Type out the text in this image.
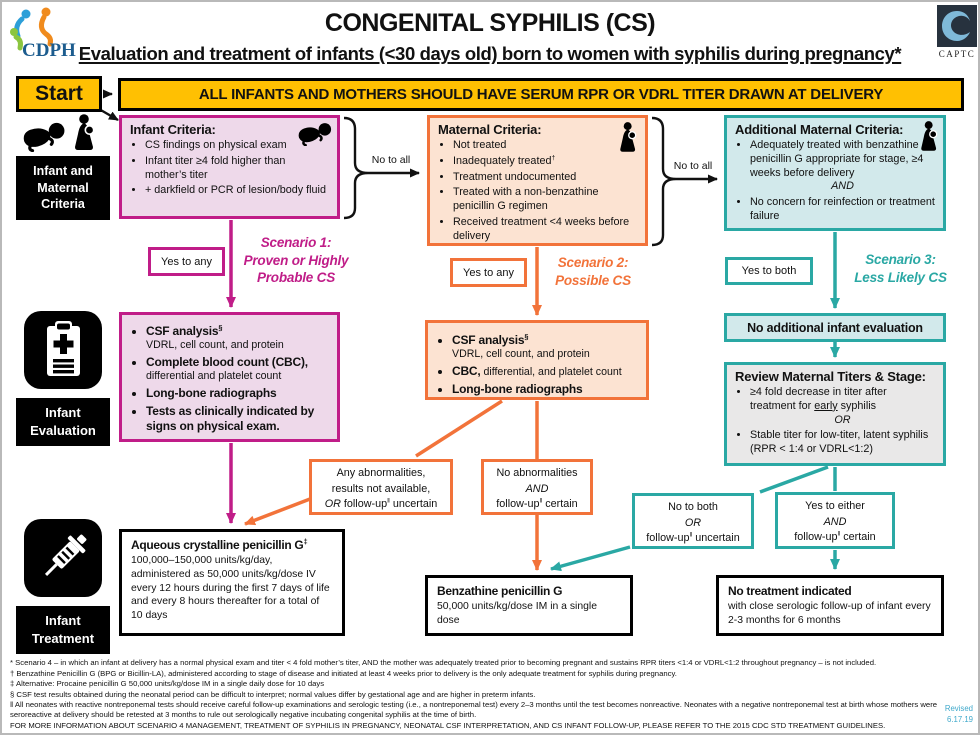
CDPH
CONGENITAL SYPHILIS (CS)
CAPTC
Evaluation and treatment of infants (<30 days old) born to women with syphilis during pregnancy*
Start	ALL INFANTS AND MOTHERS SHOULD HAVE SERUM RPR OR VDRL TITER DRAWN AT DELIVERY
Infant and Maternal Criteria
Infant Criteria:
• CS findings on physical exam
• Infant titer ≥4 fold higher than mother’s titer
• + darkfield or PCR of lesion/body fluid
No to all
Maternal Criteria:
• Not treated
• Inadequately treated†
• Treatment undocumented
• Treated with a non-benzathine penicillin G regimen
• Received treatment <4 weeks before delivery
No to all
Additional Maternal Criteria:
• Adequately treated with benzathine penicillin G appropriate for stage, ≥4 weeks before delivery
AND
• No concern for reinfection or treatment failure
Yes to any
Scenario 1:
Proven or Highly
Probable CS	Yes to any
Scenario 2:
Possible CS
Yes to both
Scenario 3:
Less Likely CS
Infant Evaluation
• CSF analysis§
VDRL, cell count, and protein
• Complete blood count (CBC),
differential and platelet count
• Long-bone radiographs
• Tests as clinically indicated by signs on physical exam.
• CSF analysis§
VDRL, cell count, and protein
• CBC, differential, and platelet count
• Long-bone radiographs
No additional infant evaluation
Review Maternal Titers & Stage:
• ≥4 fold decrease in titer after treatment for early syphilis
OR
• Stable titer for low-titer, latent syphilis (RPR < 1:4 or VDRL<1:2)
Any abnormalities,
results not available,
OR follow-up‖ uncertain
No abnormalities
AND
follow-up‖ certain	No to both
OR
follow-up‖ uncertain
Yes to either
AND
follow-up‖ certain
Infant Treatment
Aqueous crystalline penicillin G‡
100,000–150,000 units/kg/day, administered as 50,000 units/kg/dose IV every 12 hours during the first 7 days of life and every 8 hours thereafter for a total of 10 days
Benzathine penicillin G
50,000 units/kg/dose IM in a single dose
No treatment indicated
with close serologic follow-up of infant every 2-3 months for 6 months
* Scenario 4 – in which an infant at delivery has a normal physical exam and titer < 4 fold mother’s titer, AND the mother was adequately treated prior to becoming pregnant and sustains RPR titers <1:4 or VDRL<1:2 throughout pregnancy – is not included.
† Benzathine Penicillin G (BPG or Bicillin-LA), administered according to stage of disease and initiated at least 4 weeks prior to delivery is the only adequate treatment for syphilis during pregnancy.
‡ Alternative: Procaine penicillin G 50,000 units/kg/dose IM in a single daily dose for 10 days
§ CSF test results obtained during the neonatal period can be difficult to interpret; normal values differ by gestational age and are higher in preterm infants.
‖ All neonates with reactive nontreponemal tests should receive careful follow-up examinations and serologic testing (i.e., a nontreponemal test) every 2–3 months until the test becomes nonreactive. Neonates with a negative nontreponemal test at birth whose mothers were seroreactive at delivery should be retested at 3 months to rule out serologically negative incubating congenital syphilis at the time of birth.
FOR MORE INFORMATION ABOUT SCENARIO 4 MANAGEMENT, TREATMENT OF SYPHILIS IN PREGNANCY, NEONATAL CSF INTERPRETATION, AND CS INFANT FOLLOW-UP, PLEASE REFER TO THE 2015 CDC STD TREATMENT GUIDELINES.
Revised
6.17.19
